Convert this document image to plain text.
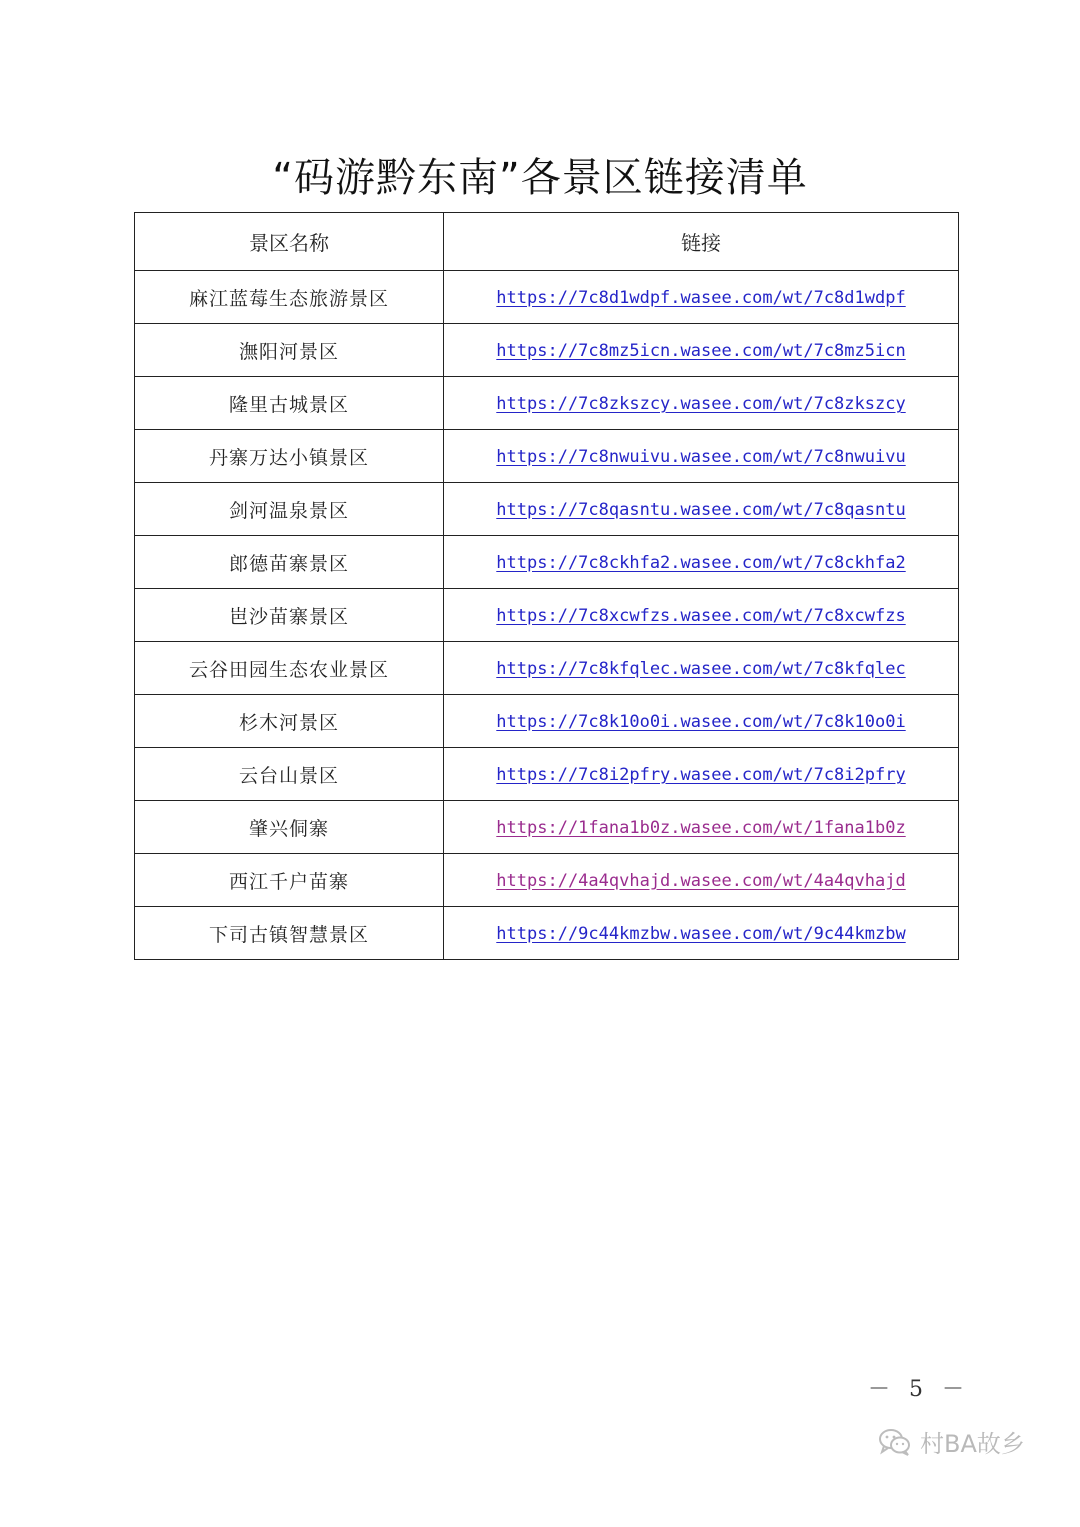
“码游黔东南”各景区链接清单
景区名称	链接
麻江蓝莓生态旅游景区	https://7c8d1wdpf.wasee.com/wt/7c8d1wdpf
潕阳河景区	https://7c8mz5icn.wasee.com/wt/7c8mz5icn
隆里古城景区	https://7c8zkszcy.wasee.com/wt/7c8zkszcy
丹寨万达小镇景区	https://7c8nwuivu.wasee.com/wt/7c8nwuivu
剑河温泉景区	https://7c8qasntu.wasee.com/wt/7c8qasntu
郎德苗寨景区	https://7c8ckhfa2.wasee.com/wt/7c8ckhfa2
岜沙苗寨景区	https://7c8xcwfzs.wasee.com/wt/7c8xcwfzs
云谷田园生态农业景区	https://7c8kfqlec.wasee.com/wt/7c8kfqlec
杉木河景区	https://7c8k10o0i.wasee.com/wt/7c8k10o0i
云台山景区	https://7c8i2pfry.wasee.com/wt/7c8i2pfry
肇兴侗寨	https://1fana1b0z.wasee.com/wt/1fana1b0z
西江千户苗寨	https://4a4qvhajd.wasee.com/wt/4a4qvhajd
下司古镇智慧景区	https://9c44kmzbw.wasee.com/wt/9c44kmzbw
－ 5 －
村BA故乡
